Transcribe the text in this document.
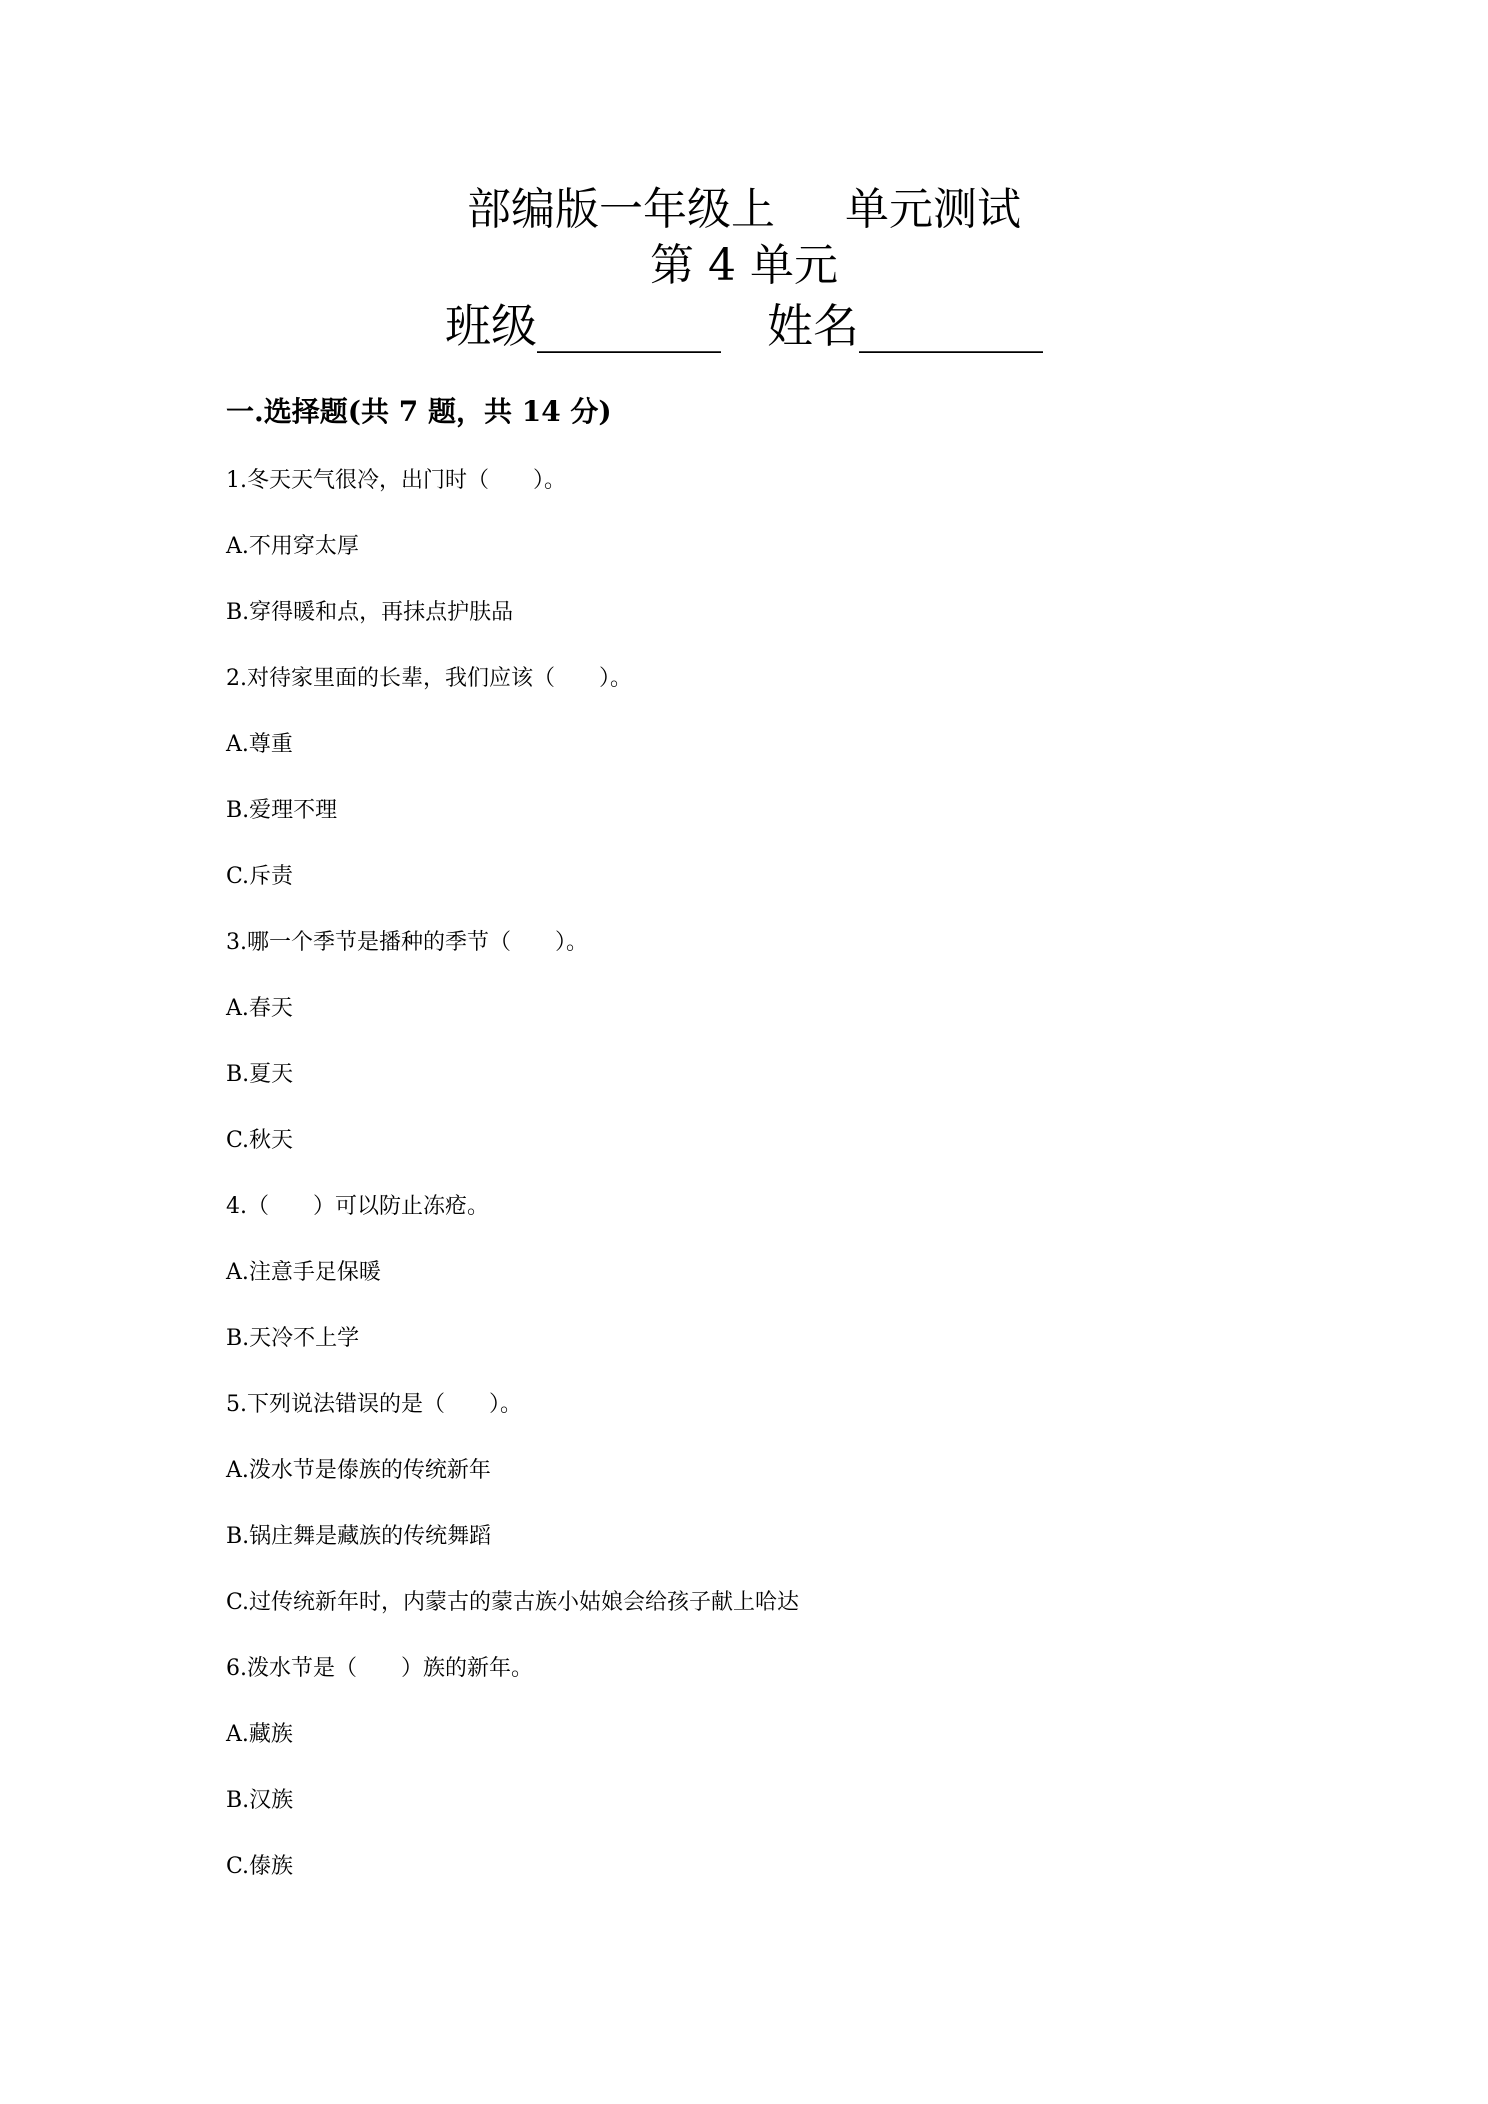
部编版一年级上 单元测试
第 4 单元
班级________ 姓名________
一.选择题(共 7 题，共 14 分)
1.冬天天气很冷，出门时（　　）。
A.不用穿太厚
B.穿得暖和点，再抹点护肤品
2.对待家里面的长辈，我们应该（　　）。
A.尊重
B.爱理不理
C.斥责
3.哪一个季节是播种的季节（　　）。
A.春天
B.夏天
C.秋天
4.（　　）可以防止冻疮。
A.注意手足保暖
B.天冷不上学
5.下列说法错误的是（　　）。
A.泼水节是傣族的传统新年
B.锅庄舞是藏族的传统舞蹈
C.过传统新年时，内蒙古的蒙古族小姑娘会给孩子献上哈达
6.泼水节是（　　）族的新年。
A.藏族
B.汉族
C.傣族
